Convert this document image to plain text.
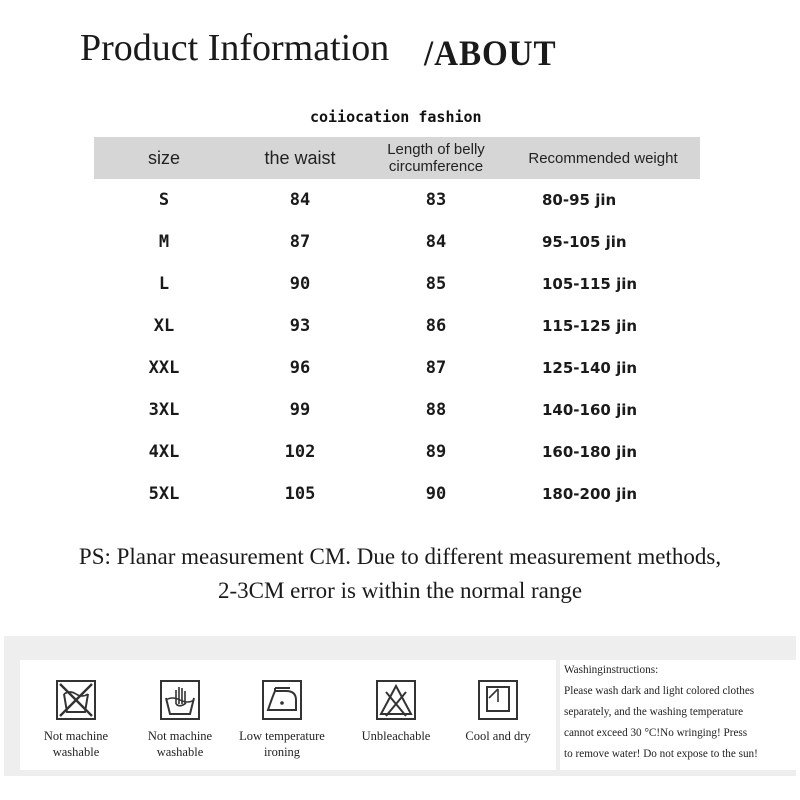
Product Information /ABOUT
coiiocation fashion
size	the waist	Length of belly circumference	Recommended weight
S	84	83	80-95 jin
M	87	84	95-105 jin
L	90	85	105-115 jin
XL	93	86	115-125 jin
XXL	96	87	125-140 jin
3XL	99	88	140-160 jin
4XL	102	89	160-180 jin
5XL	105	90	180-200 jin
PS: Planar measurement CM. Due to different measurement methods,
2-3CM error is within the normal range
Not machine washable
Not machine washable
Low temperature ironing
Unbleachable	Cool and dry
Washinginstructions:
Please wash dark and light colored clothes
separately, and the washing temperature
cannot exceed 30 °C!No wringing! Press
to remove water! Do not expose to the sun!
